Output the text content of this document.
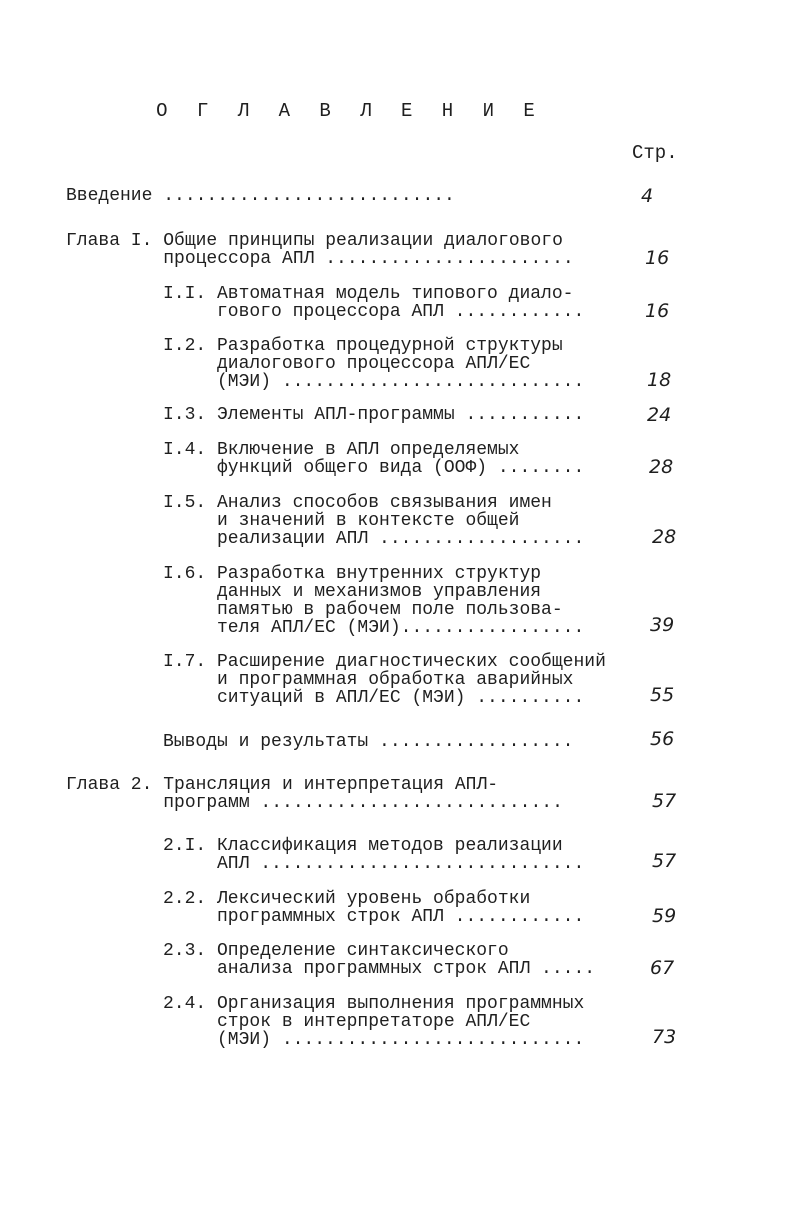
О Г Л А В Л Е Н И Е
Стр.
Введение ...........................	4
Глава I. Общие принципы реализации диалогового
процессора АПЛ .......................	16
I.I. Автоматная модель типового диало-
гового процессора АПЛ ............	16
I.2. Разработка процедурной структуры
диалогового процессора АПЛ/ЕС
(МЭИ) ............................	18
I.3. Элементы АПЛ-программы ...........	24
I.4. Включение в АПЛ определяемых
функций общего вида (ООФ) ........	28
I.5. Анализ способов связывания имен
и значений в контексте общей
реализации АПЛ ...................	28
I.6. Разработка внутренних структур
данных и механизмов управления
памятью в рабочем поле пользова-
теля АПЛ/ЕС (МЭИ).................	39
I.7. Расширение диагностических сообщений
и программная обработка аварийных
ситуаций в АПЛ/ЕС (МЭИ) ..........	55
Выводы и результаты ..................	56
Глава 2. Трансляция и интерпретация АПЛ-
программ ............................	57
2.I. Классификация методов реализации
АПЛ ..............................	57
2.2. Лексический уровень обработки
программных строк АПЛ ............	59
2.3. Определение синтаксического
анализа программных строк АПЛ .....	67
2.4. Организация выполнения программных
строк в интерпретаторе АПЛ/ЕС
(МЭИ) ............................	73
